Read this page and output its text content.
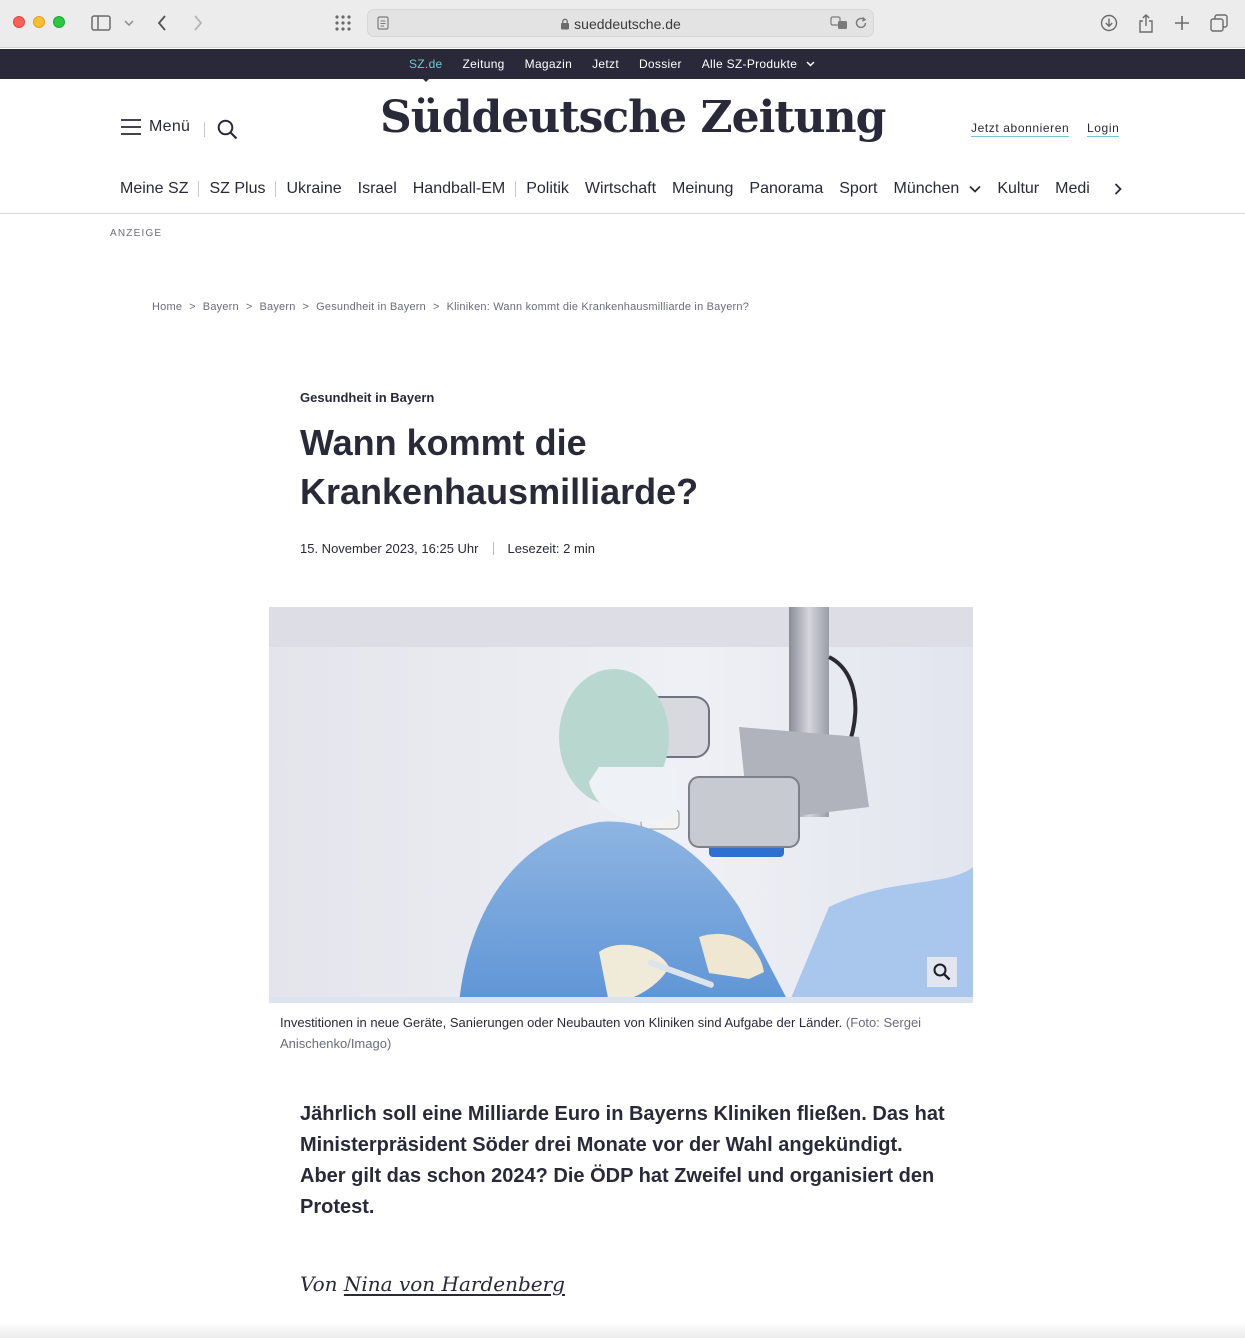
sueddeutsche.de
SZ.de Zeitung Magazin Jetzt Dossier Alle SZ-Produkte
Menü	Süddeutsche Zeitung	Jetzt abonnieren Login
Meine SZ SZ Plus Ukraine Israel Handball-EM Politik Wirtschaft Meinung Panorama Sport München Kultur Medi
ANZEIGE
Home > Bayern > Bayern > Gesundheit in Bayern > Kliniken: Wann kommt die Krankenhausmilliarde in Bayern?
Gesundheit in Bayern
Wann kommt die Krankenhausmilliarde?
15. November 2023, 16:25 Uhr Lesezeit: 2 min
Investitionen in neue Geräte, Sanierungen oder Neubauten von Kliniken sind Aufgabe der Länder. (Foto: Sergei Anischenko/Imago)

Jährlich soll eine Milliarde Euro in Bayerns Kliniken fließen. Das hat Ministerpräsident Söder drei Monate vor der Wahl angekündigt. Aber gilt das schon 2024? Die ÖDP hat Zweifel und organisiert den Protest.

Von Nina von Hardenberg
